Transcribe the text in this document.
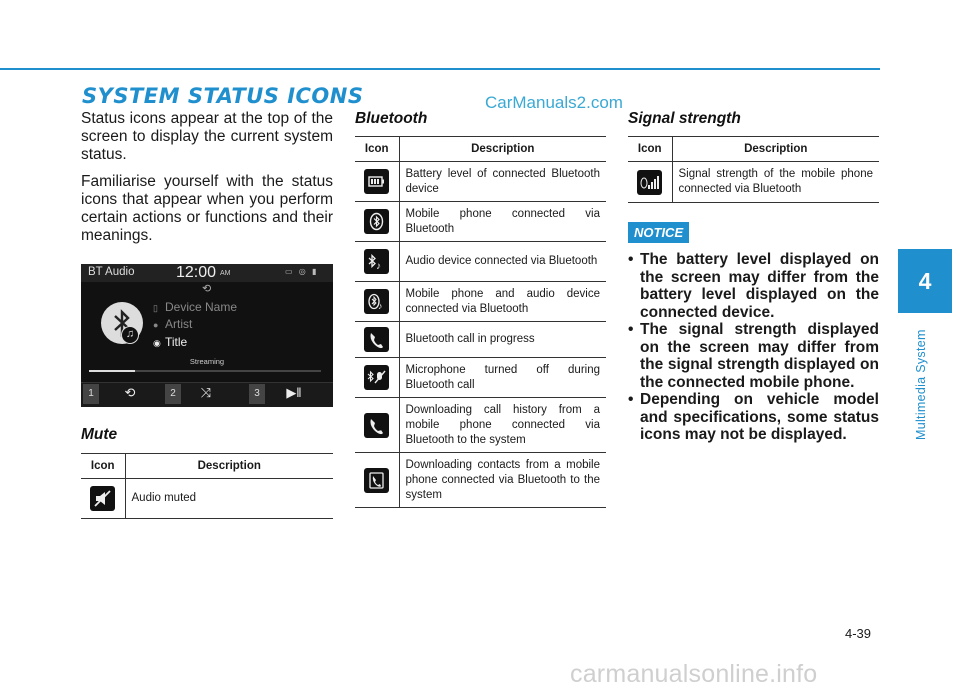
SYSTEM STATUS ICONS	CarManuals2.com

Status icons appear at the top of the screen to display the current system status.

Familiarise yourself with the status icons that appear when you perform certain actions or functions and their meanings.

BT Audio	12:00 AM	▭ ◎ ▮
⟲
♫
▯ Device Name
● Artist
◉ Title
Streaming
1	⟲	2	⤨	3	▶‖
Mute
Icon	Description

	Audio muted
Bluetooth
Icon	Description

	Battery level of connected Bluetooth device

	Mobile phone connected via Bluetooth

♪	Audio device connected via Bluetooth

♪	Mobile phone and audio device connected via Bluetooth

	Bluetooth call in progress

	Microphone turned off during Bluetooth call

	Downloading call history from a mobile phone connected via Bluetooth to the system

	Downloading contacts from a mobile phone connected via Bluetooth to the system
Signal strength
Icon	Description

	Signal strength of the mobile phone connected via Bluetooth
NOTICE
• The battery level displayed on the screen may differ from the battery level displayed on the connected device.
• The signal strength displayed on the screen may differ from the signal strength displayed on the connected mobile phone.
• Depending on vehicle model and specifications, some status icons may not be displayed.
4
Multimedia System
4-39
carmanualsonline.info
